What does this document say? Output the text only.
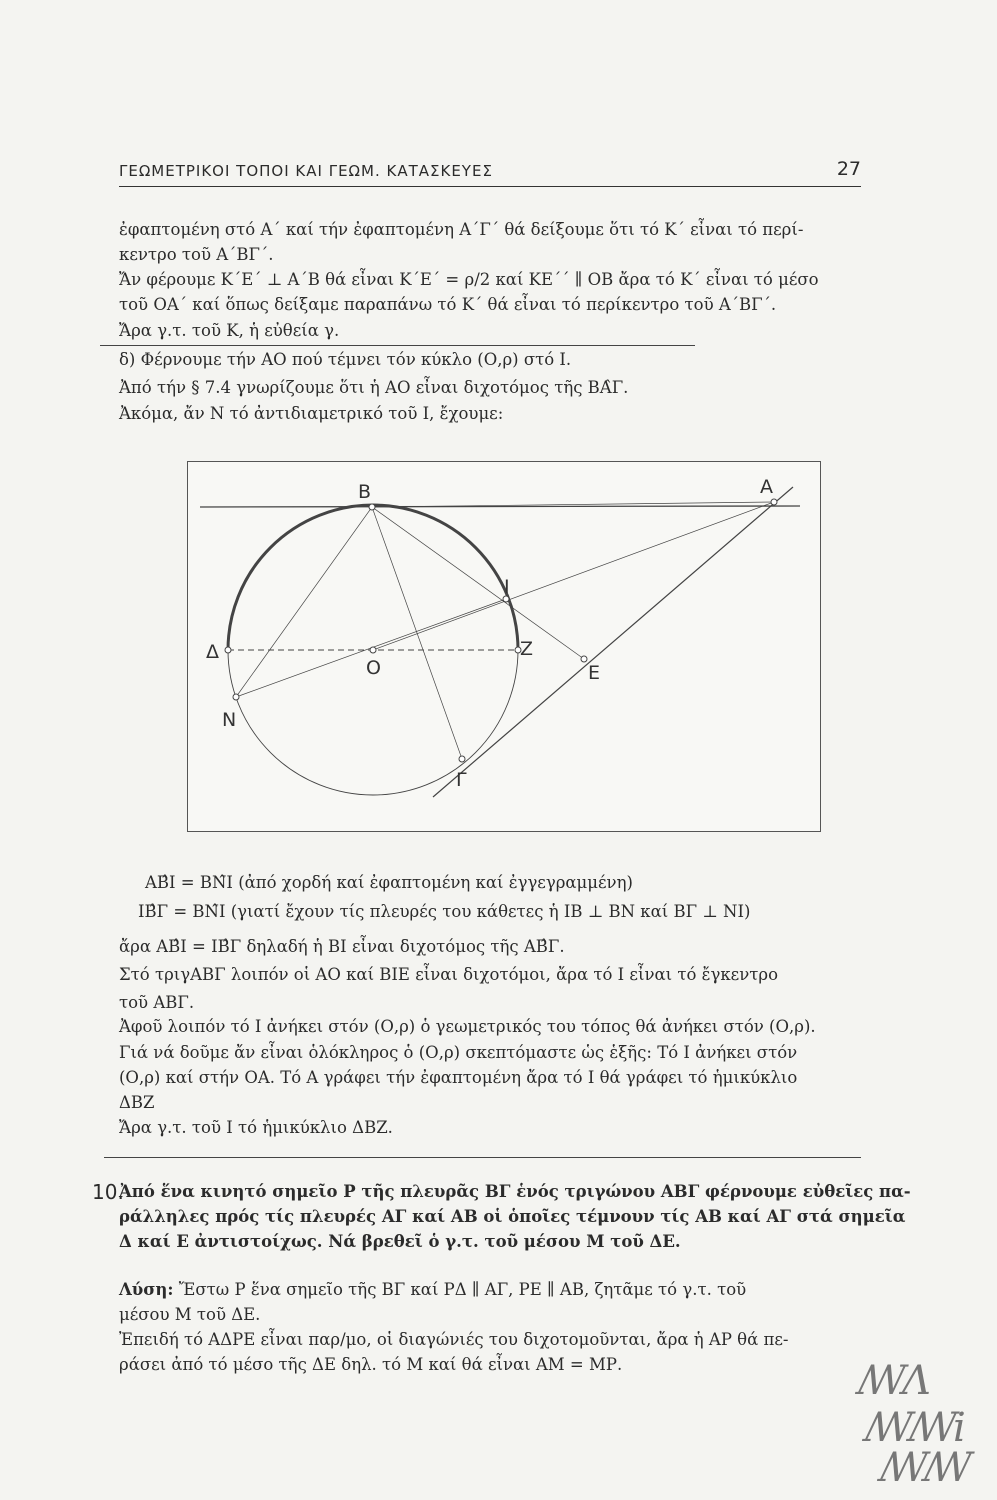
ΓΕΩΜΕΤΡΙΚΟΙ ΤΟΠΟΙ ΚΑΙ ΓΕΩΜ. ΚΑΤΑΣΚΕΥΕΣ	27
ἐφαπτομένη στό Α΄ καί τήν ἐφαπτομένη Α΄Γ΄ θά δείξουμε ὅτι τό Κ΄ εἶναι τό περί-
κεντρο τοῦ Α΄ΒΓ΄.
Ἄν φέρουμε Κ΄Ε΄ ⊥ Α΄Β θά εἶναι Κ΄Ε΄ = ρ/2 καί ΚΕ΄΄ ∥ ΟΒ ἄρα τό Κ΄ εἶναι τό μέσο
τοῦ ΟΑ΄ καί ὅπως δείξαμε παραπάνω τό Κ΄ θά εἶναι τό περίκεντρο τοῦ Α΄ΒΓ΄.
Ἄρα γ.τ. τοῦ Κ, ἡ εὐθεία γ.
δ) Φέρνουμε τήν ΑΟ πού τέμνει τόν κύκλο (Ο,ρ) στό Ι.
Ἀπό τήν § 7.4 γνωρίζουμε ὅτι ἡ ΑΟ εἶναι διχοτόμος τῆς ΒΑ̂Γ.
Ἀκόμα, ἄν Ν τό ἀντιδιαμετρικό τοῦ Ι, ἔχουμε:
B	A
I
Δ
O
Z
E
N
Γ
ΑΒ̂Ι = ΒΝ̂Ι (ἀπό χορδή καί ἐφαπτομένη καί ἐγγεγραμμένη)
ΙΒ̂Γ = ΒΝ̂Ι (γιατί ἔχουν τίς πλευρές του κάθετες ἡ ΙΒ ⊥ ΒΝ καί ΒΓ ⊥ ΝΙ)
ἄρα ΑΒ̂Ι = ΙΒ̂Γ δηλαδή ἡ ΒΙ εἶναι διχοτόμος τῆς ΑΒ̂Γ.
Στό τριγΑΒΓ λοιπόν οἱ ΑΟ καί ΒΙΕ εἶναι διχοτόμοι, ἄρα τό Ι εἶναι τό ἔγκεντρο
τοῦ ΑΒΓ.
Ἀφοῦ λοιπόν τό Ι ἀνήκει στόν (Ο,ρ) ὁ γεωμετρικός του τόπος θά ἀνήκει στόν (Ο,ρ).
Γιά νά δοῦμε ἄν εἶναι ὁλόκληρος ὁ (Ο,ρ) σκεπτόμαστε ὡς ἑξῆς: Τό Ι ἀνήκει στόν
(Ο,ρ) καί στήν ΟΑ. Τό Α γράφει τήν ἐφαπτομένη ἄρα τό Ι θά γράφει τό ἡμικύκλιο
ΔΒΖ
Ἄρα γ.τ. τοῦ Ι τό ἡμικύκλιο ΔΒΖ.
10.
Ἀπό ἕνα κινητό σημεῖο Ρ τῆς πλευρᾶς ΒΓ ἑνός τριγώνου ΑΒΓ φέρνουμε εὐθεῖες πα-
ράλληλες πρός τίς πλευρές ΑΓ καί ΑΒ οἱ ὁποῖες τέμνουν τίς ΑΒ καί ΑΓ στά σημεῖα
Δ καί Ε ἀντιστοίχως. Νά βρεθεῖ ὁ γ.τ. τοῦ μέσου Μ τοῦ ΔΕ.
Λύση: Ἔστω Ρ ἕνα σημεῖο τῆς ΒΓ καί ΡΔ ∥ ΑΓ, ΡΕ ∥ ΑΒ, ζητᾶμε τό γ.τ. τοῦ
μέσου Μ τοῦ ΔΕ.
Ἐπειδή τό ΑΔΡΕ εἶναι παρ/μο, οἱ διαγώνιές του διχοτομοῦνται, ἄρα ἡ ΑΡ θά πε-
ράσει ἀπό τό μέσο τῆς ΔΕ δηλ. τό Μ καί θά εἶναι ΑΜ = ΜΡ.	ꟿΛ
ꟿꟿi
ꟿꟿ
